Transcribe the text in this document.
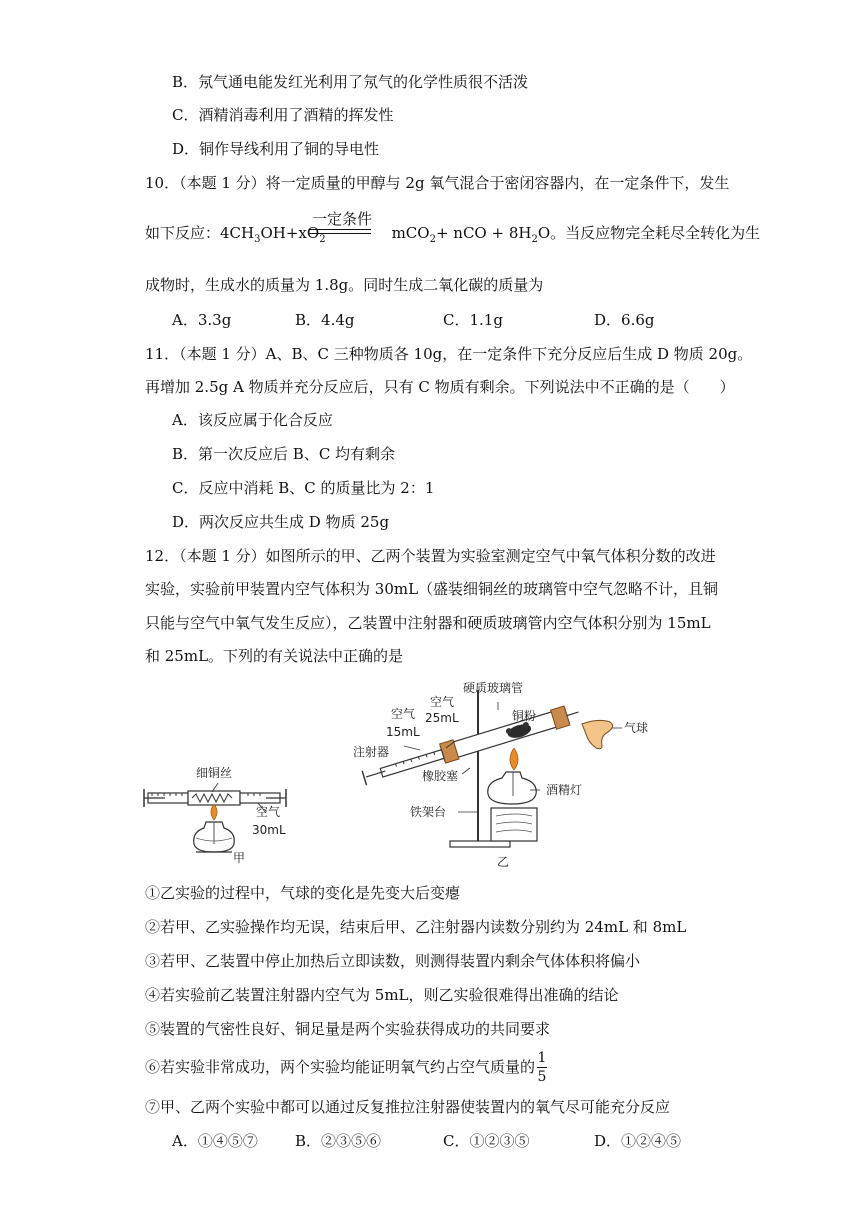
B．氖气通电能发红光利用了氖气的化学性质很不活泼
C．酒精消毒利用了酒精的挥发性
D．铜作导线利用了铜的导电性
10．（本题 1 分）将一定质量的甲醇与 2g 氧气混合于密闭容器内，在一定条件下，发生
一定条件
如下反应：$4CH_3OH+xO_2$	mCO$_2$+ nCO + $8H_2O$。当反应物完全耗尽全转化为生
成物时，生成水的质量为 1.8g。同时生成二氧化碳的质量为
A．3.3g	B．4.4g	C．1.1g	D．6.6g
11．（本题 1 分）A、B、C 三种物质各 10g，在一定条件下充分反应后生成 D 物质 20g。
再增加 2.5g A 物质并充分反应后，只有 C 物质有剩余。下列说法中不正确的是（　　）
A．该反应属于化合反应
B．第一次反应后 B、C 均有剩余
C．反应中消耗 B、C 的质量比为 2：1
D．两次反应共生成 D 物质 25g
12．（本题 1 分）如图所示的甲、乙两个装置为实验室测定空气中氧气体积分数的改进
实验，实验前甲装置内空气体积为 30mL（盛装细铜丝的玻璃管中空气忽略不计，且铜
只能与空气中氧气发生反应），乙装置中注射器和硬质玻璃管内空气体积分别为 15mL
和 25mL。下列的有关说法中正确的是
细铜丝
空气
30mL
甲
硬质玻璃管
空气
25mL
空气
15mL
铜粉
气球
注射器
橡胶塞
酒精灯
铁架台
乙
①乙实验的过程中，气球的变化是先变大后变瘪
②若甲、乙实验操作均无误，结束后甲、乙注射器内读数分别约为 24mL 和 8mL
③若甲、乙装置中停止加热后立即读数，则测得装置内剩余气体体积将偏小
④若实验前乙装置注射器内空气为 5mL，则乙实验很难得出准确的结论
⑤装置的气密性良好、铜足量是两个实验获得成功的共同要求
⑥若实验非常成功，两个实验均能证明氧气约占空气质量的 1
5
⑦甲、乙两个实验中都可以通过反复推拉注射器使装置内的氧气尽可能充分反应
A．①④⑤⑦ B．②③⑤⑥	C．①②③⑤	D．①②④⑤
